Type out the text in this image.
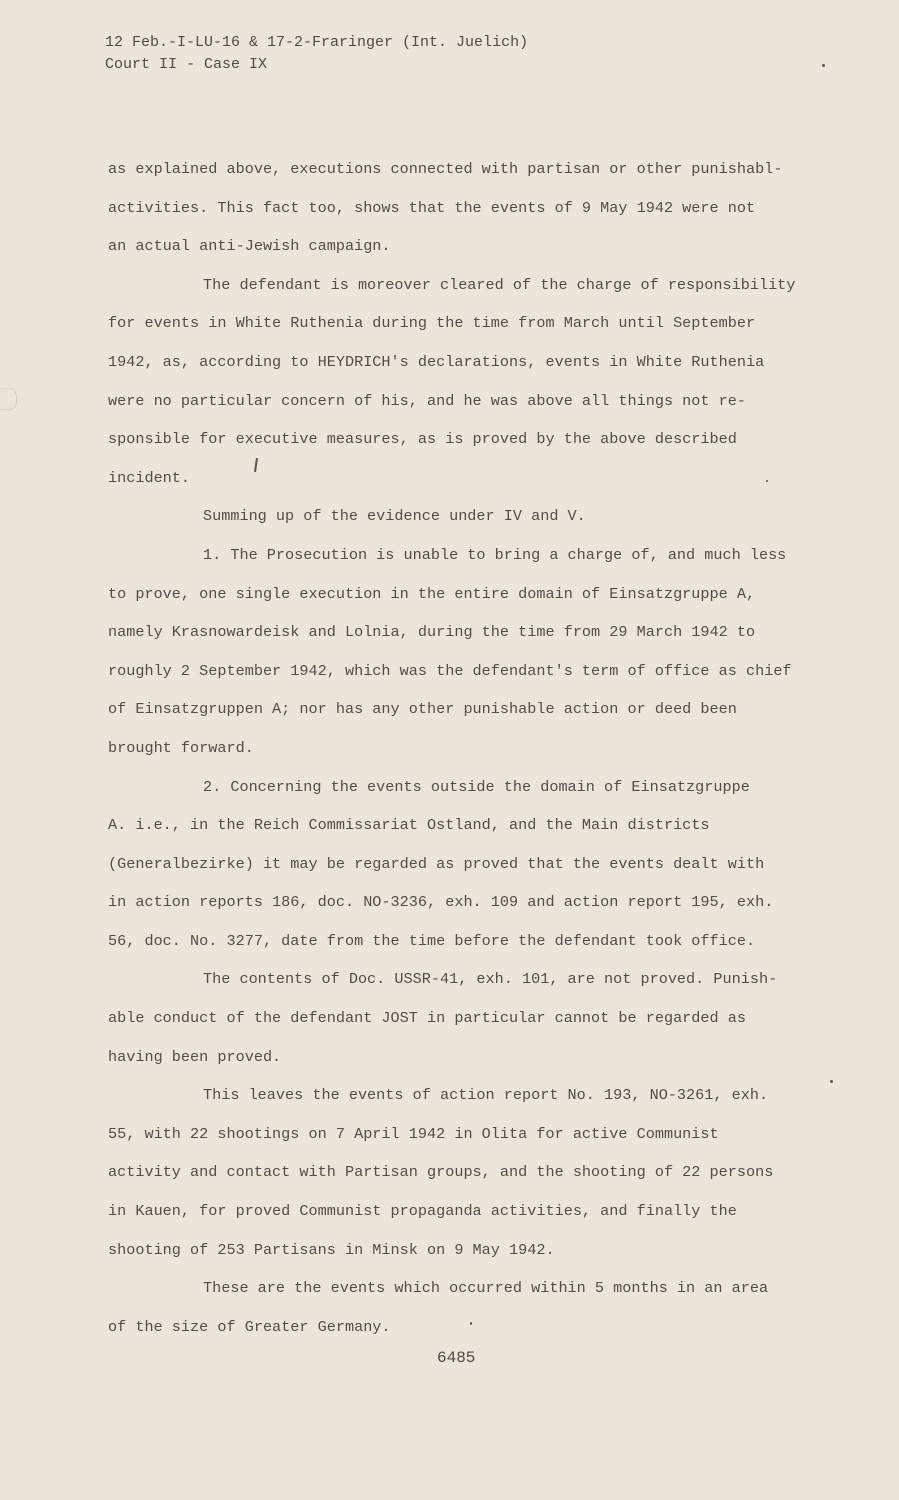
12 Feb.-I-LU-16 & 17-2-Fraringer (Int. Juelich)
Court II - Case IX
as explained above, executions connected with partisan or other punishabl-
activities. This fact too, shows that the events of 9 May 1942 were not
an actual anti-Jewish campaign.
The defendant is moreover cleared of the charge of responsibility
for events in White Ruthenia during the time from March until September
1942, as, according to HEYDRICH's declarations, events in White Ruthenia
were no particular concern of his, and he was above all things not re-
sponsible for executive measures, as is proved by the above described
incident.
Summing up of the evidence under IV and V.
1. The Prosecution is unable to bring a charge of, and much less
to prove, one single execution in the entire domain of Einsatzgruppe A,
namely Krasnowardeisk and Lolnia, during the time from 29 March 1942 to
roughly 2 September 1942, which was the defendant's term of office as chief
of Einsatzgruppen A; nor has any other punishable action or deed been
brought forward.
2. Concerning the events outside the domain of Einsatzgruppe
A. i.e., in the Reich Commissariat Ostland, and the Main districts
(Generalbezirke) it may be regarded as proved that the events dealt with
in action reports 186, doc. NO-3236, exh. 109 and action report 195, exh.
56, doc. No. 3277, date from the time before the defendant took office.
The contents of Doc. USSR-41, exh. 101, are not proved. Punish-
able conduct of the defendant JOST in particular cannot be regarded as
having been proved.
This leaves the events of action report No. 193, NO-3261, exh.
55, with 22 shootings on 7 April 1942 in Olita for active Communist
activity and contact with Partisan groups, and the shooting of 22 persons
in Kauen, for proved Communist propaganda activities, and finally the
shooting of 253 Partisans in Minsk on 9 May 1942.
These are the events which occurred within 5 months in an area
of the size of Greater Germany.
6485
